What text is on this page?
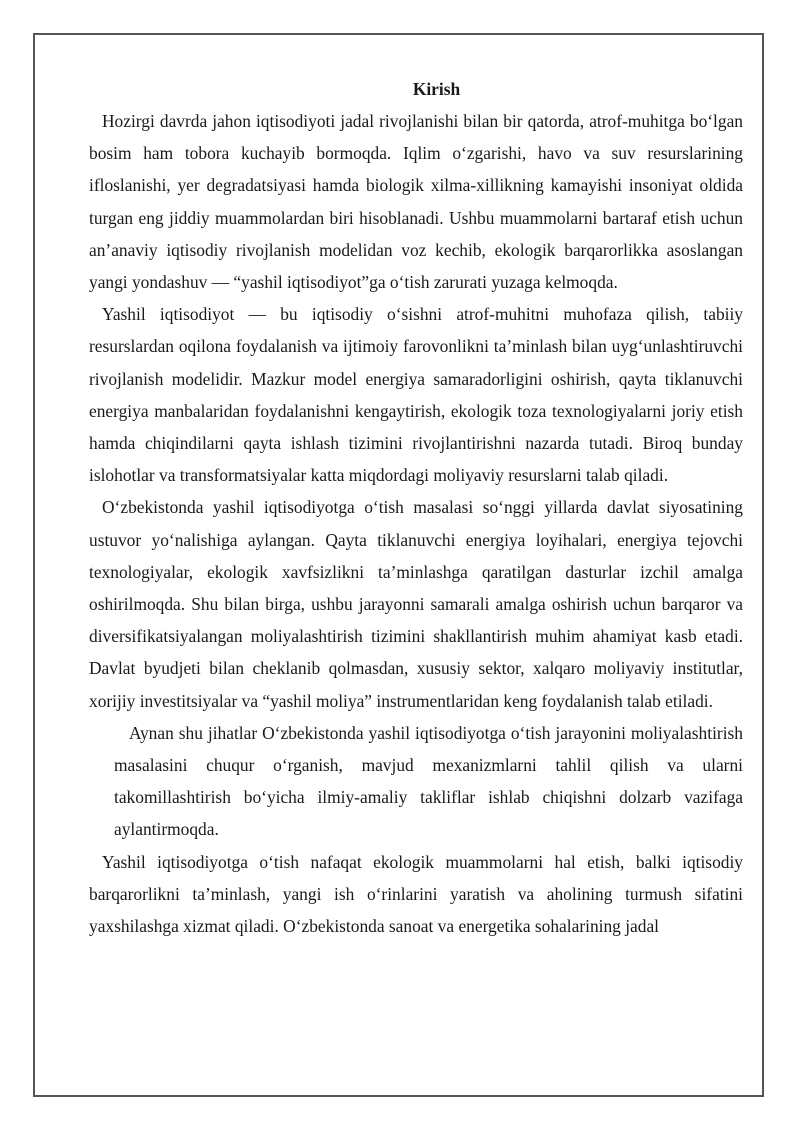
Kirish

Hozirgi davrda jahon iqtisodiyoti jadal rivojlanishi bilan bir qatorda, atrof-muhitga bo‘lgan bosim ham tobora kuchayib bormoqda. Iqlim o‘zgarishi, havo va suv resurslarining ifloslanishi, yer degradatsiyasi hamda biologik xilma-xillikning kamayishi insoniyat oldida turgan eng jiddiy muammolardan biri hisoblanadi. Ushbu muammolarni bartaraf etish uchun an’anaviy iqtisodiy rivojlanish modelidan voz kechib, ekologik barqarorlikka asoslangan yangi yondashuv — “yashil iqtisodiyot”ga o‘tish zarurati yuzaga kelmoqda.

Yashil iqtisodiyot — bu iqtisodiy o‘sishni atrof-muhitni muhofaza qilish, tabiiy resurslardan oqilona foydalanish va ijtimoiy farovonlikni ta’minlash bilan uyg‘unlashtiruvchi rivojlanish modelidir. Mazkur model energiya samaradorligini oshirish, qayta tiklanuvchi energiya manbalaridan foydalanishni kengaytirish, ekologik toza texnologiyalarni joriy etish hamda chiqindilarni qayta ishlash tizimini rivojlantirishni nazarda tutadi. Biroq bunday islohotlar va transformatsiyalar katta miqdordagi moliyaviy resurslarni talab qiladi.

O‘zbekistonda yashil iqtisodiyotga o‘tish masalasi so‘nggi yillarda davlat siyosatining ustuvor yo‘nalishiga aylangan. Qayta tiklanuvchi energiya loyihalari, energiya tejovchi texnologiyalar, ekologik xavfsizlikni ta’minlashga qaratilgan dasturlar izchil amalga oshirilmoqda. Shu bilan birga, ushbu jarayonni samarali amalga oshirish uchun barqaror va diversifikatsiyalangan moliyalashtirish tizimini shakllantirish muhim ahamiyat kasb etadi. Davlat byudjeti bilan cheklanib qolmasdan, xususiy sektor, xalqaro moliyaviy institutlar, xorijiy investitsiyalar va “yashil moliya” instrumentlaridan keng foydalanish talab etiladi.

Aynan shu jihatlar O‘zbekistonda yashil iqtisodiyotga o‘tish jarayonini moliyalashtirish masalasini chuqur o‘rganish, mavjud mexanizmlarni tahlil qilish va ularni takomillashtirish bo‘yicha ilmiy-amaliy takliflar ishlab chiqishni dolzarb vazifaga aylantirmoqda.

Yashil iqtisodiyotga o‘tish nafaqat ekologik muammolarni hal etish, balki iqtisodiy barqarorlikni ta’minlash, yangi ish o‘rinlarini yaratish va aholining turmush sifatini yaxshilashga xizmat qiladi. O‘zbekistonda sanoat va energetika sohalarining jadal
